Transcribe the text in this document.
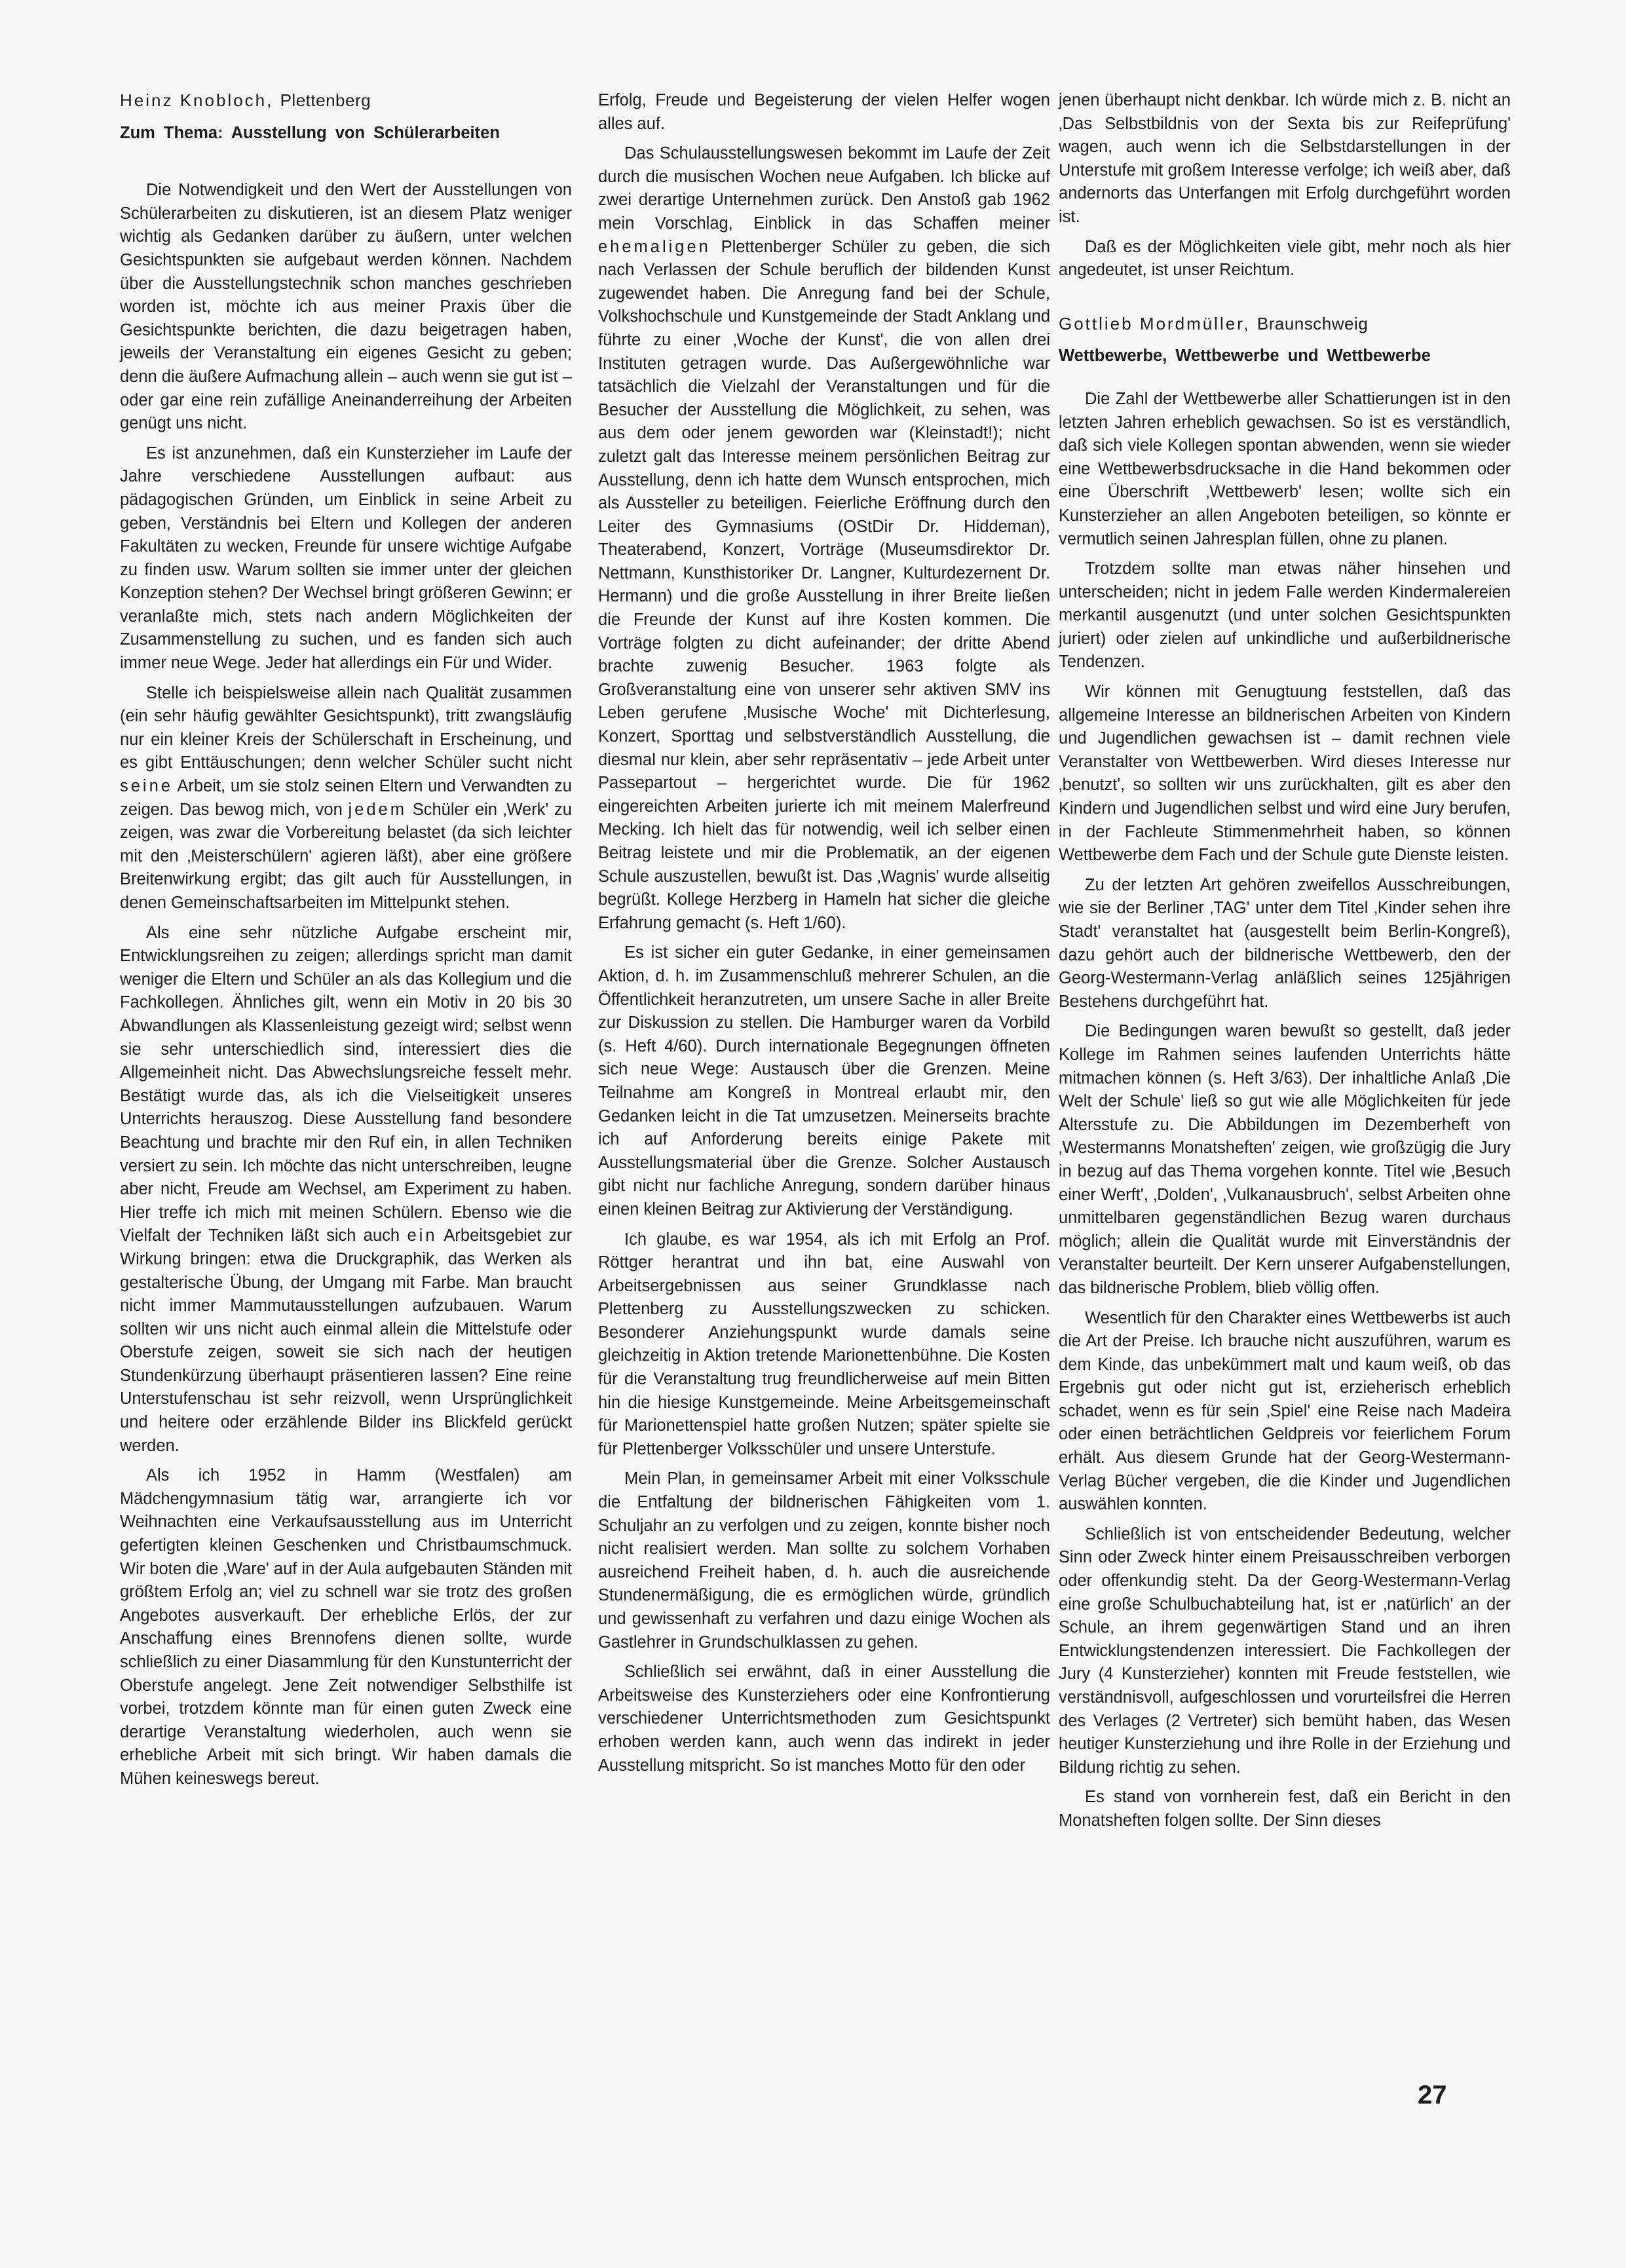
Heinz Knobloch, Plettenberg
Zum Thema: Ausstellung von Schülerarbeiten

Die Notwendigkeit und den Wert der Ausstellungen von Schülerarbeiten zu diskutieren, ist an diesem Platz weniger wichtig als Gedanken darüber zu äußern, unter welchen Gesichtspunkten sie aufgebaut werden können. Nachdem über die Ausstellungstechnik schon manches geschrieben worden ist, möchte ich aus meiner Praxis über die Gesichtspunkte berichten, die dazu beigetragen haben, jeweils der Veranstaltung ein eigenes Gesicht zu geben; denn die äußere Aufmachung allein – auch wenn sie gut ist – oder gar eine rein zufällige Aneinanderreihung der Arbeiten genügt uns nicht.

Es ist anzunehmen, daß ein Kunsterzieher im Laufe der Jahre verschiedene Ausstellungen aufbaut: aus pädagogischen Gründen, um Einblick in seine Arbeit zu geben, Verständnis bei Eltern und Kollegen der anderen Fakultäten zu wecken, Freunde für unsere wichtige Aufgabe zu finden usw. Warum sollten sie immer unter der gleichen Konzeption stehen? Der Wechsel bringt größeren Gewinn; er veranlaßte mich, stets nach andern Möglichkeiten der Zusammenstellung zu suchen, und es fanden sich auch immer neue Wege. Jeder hat allerdings ein Für und Wider.

Stelle ich beispielsweise allein nach Qualität zusammen (ein sehr häufig gewählter Gesichtspunkt), tritt zwangsläufig nur ein kleiner Kreis der Schülerschaft in Erscheinung, und es gibt Enttäuschungen; denn welcher Schüler sucht nicht seine Arbeit, um sie stolz seinen Eltern und Verwandten zu zeigen. Das bewog mich, von jedem Schüler ein ‚Werk' zu zeigen, was zwar die Vorbereitung belastet (da sich leichter mit den ‚Meisterschülern' agieren läßt), aber eine größere Breitenwirkung ergibt; das gilt auch für Ausstellungen, in denen Gemeinschaftsarbeiten im Mittelpunkt stehen.

Als eine sehr nützliche Aufgabe erscheint mir, Entwicklungsreihen zu zeigen; allerdings spricht man damit weniger die Eltern und Schüler an als das Kollegium und die Fachkollegen. Ähnliches gilt, wenn ein Motiv in 20 bis 30 Abwandlungen als Klassenleistung gezeigt wird; selbst wenn sie sehr unterschiedlich sind, interessiert dies die Allgemeinheit nicht. Das Abwechslungsreiche fesselt mehr. Bestätigt wurde das, als ich die Vielseitigkeit unseres Unterrichts herauszog. Diese Ausstellung fand besondere Beachtung und brachte mir den Ruf ein, in allen Techniken versiert zu sein. Ich möchte das nicht unterschreiben, leugne aber nicht, Freude am Wechsel, am Experiment zu haben. Hier treffe ich mich mit meinen Schülern. Ebenso wie die Vielfalt der Techniken läßt sich auch ein Arbeitsgebiet zur Wirkung bringen: etwa die Druckgraphik, das Werken als gestalterische Übung, der Umgang mit Farbe. Man braucht nicht immer Mammutausstellungen aufzubauen. Warum sollten wir uns nicht auch einmal allein die Mittelstufe oder Oberstufe zeigen, soweit sie sich nach der heutigen Stundenkürzung überhaupt präsentieren lassen? Eine reine Unterstufenschau ist sehr reizvoll, wenn Ursprünglichkeit und heitere oder erzählende Bilder ins Blickfeld gerückt werden.

Als ich 1952 in Hamm (Westfalen) am Mädchengymnasium tätig war, arrangierte ich vor Weihnachten eine Verkaufsausstellung aus im Unterricht gefertigten kleinen Geschenken und Christbaumschmuck. Wir boten die ‚Ware' auf in der Aula aufgebauten Ständen mit größtem Erfolg an; viel zu schnell war sie trotz des großen Angebotes ausverkauft. Der erhebliche Erlös, der zur Anschaffung eines Brennofens dienen sollte, wurde schließlich zu einer Diasammlung für den Kunstunterricht der Oberstufe angelegt. Jene Zeit notwendiger Selbsthilfe ist vorbei, trotzdem könnte man für einen guten Zweck eine derartige Veranstaltung wiederholen, auch wenn sie erhebliche Arbeit mit sich bringt. Wir haben damals die Mühen keineswegs bereut.

Erfolg, Freude und Begeisterung der vielen Helfer wogen alles auf.

Das Schulausstellungswesen bekommt im Laufe der Zeit durch die musischen Wochen neue Aufgaben. Ich blicke auf zwei derartige Unternehmen zurück. Den Anstoß gab 1962 mein Vorschlag, Einblick in das Schaffen meiner ehemaligen Plettenberger Schüler zu geben, die sich nach Verlassen der Schule beruflich der bildenden Kunst zugewendet haben. Die Anregung fand bei der Schule, Volkshochschule und Kunstgemeinde der Stadt Anklang und führte zu einer ‚Woche der Kunst', die von allen drei Instituten getragen wurde. Das Außergewöhnliche war tatsächlich die Vielzahl der Veranstaltungen und für die Besucher der Ausstellung die Möglichkeit, zu sehen, was aus dem oder jenem geworden war (Kleinstadt!); nicht zuletzt galt das Interesse meinem persönlichen Beitrag zur Ausstellung, denn ich hatte dem Wunsch entsprochen, mich als Aussteller zu beteiligen. Feierliche Eröffnung durch den Leiter des Gymnasiums (OStDir Dr. Hiddeman), Theaterabend, Konzert, Vorträge (Museumsdirektor Dr. Nettmann, Kunsthistoriker Dr. Langner, Kulturdezernent Dr. Hermann) und die große Ausstellung in ihrer Breite ließen die Freunde der Kunst auf ihre Kosten kommen. Die Vorträge folgten zu dicht aufeinander; der dritte Abend brachte zuwenig Besucher. 1963 folgte als Großveranstaltung eine von unserer sehr aktiven SMV ins Leben gerufene ‚Musische Woche' mit Dichterlesung, Konzert, Sporttag und selbstverständlich Ausstellung, die diesmal nur klein, aber sehr repräsentativ – jede Arbeit unter Passepartout – hergerichtet wurde. Die für 1962 eingereichten Arbeiten jurierte ich mit meinem Malerfreund Mecking. Ich hielt das für notwendig, weil ich selber einen Beitrag leistete und mir die Problematik, an der eigenen Schule auszustellen, bewußt ist. Das ‚Wagnis' wurde allseitig begrüßt. Kollege Herzberg in Hameln hat sicher die gleiche Erfahrung gemacht (s. Heft 1/60).

Es ist sicher ein guter Gedanke, in einer gemeinsamen Aktion, d. h. im Zusammenschluß mehrerer Schulen, an die Öffentlichkeit heranzutreten, um unsere Sache in aller Breite zur Diskussion zu stellen. Die Hamburger waren da Vorbild (s. Heft 4/60). Durch internationale Begegnungen öffneten sich neue Wege: Austausch über die Grenzen. Meine Teilnahme am Kongreß in Montreal erlaubt mir, den Gedanken leicht in die Tat umzusetzen. Meinerseits brachte ich auf Anforderung bereits einige Pakete mit Ausstellungsmaterial über die Grenze. Solcher Austausch gibt nicht nur fachliche Anregung, sondern darüber hinaus einen kleinen Beitrag zur Aktivierung der Verständigung.

Ich glaube, es war 1954, als ich mit Erfolg an Prof. Röttger herantrat und ihn bat, eine Auswahl von Arbeitsergebnissen aus seiner Grundklasse nach Plettenberg zu Ausstellungszwecken zu schicken. Besonderer Anziehungspunkt wurde damals seine gleichzeitig in Aktion tretende Marionettenbühne. Die Kosten für die Veranstaltung trug freundlicherweise auf mein Bitten hin die hiesige Kunstgemeinde. Meine Arbeitsgemeinschaft für Marionettenspiel hatte großen Nutzen; später spielte sie für Plettenberger Volksschüler und unsere Unterstufe.

Mein Plan, in gemeinsamer Arbeit mit einer Volksschule die Entfaltung der bildnerischen Fähigkeiten vom 1. Schuljahr an zu verfolgen und zu zeigen, konnte bisher noch nicht realisiert werden. Man sollte zu solchem Vorhaben ausreichend Freiheit haben, d. h. auch die ausreichende Stundenermäßigung, die es ermöglichen würde, gründlich und gewissenhaft zu verfahren und dazu einige Wochen als Gastlehrer in Grundschulklassen zu gehen.

Schließlich sei erwähnt, daß in einer Ausstellung die Arbeitsweise des Kunsterziehers oder eine Konfrontierung verschiedener Unterrichtsmethoden zum Gesichtspunkt erhoben werden kann, auch wenn das indirekt in jeder Ausstellung mitspricht. So ist manches Motto für den oder

jenen überhaupt nicht denkbar. Ich würde mich z. B. nicht an ‚Das Selbstbildnis von der Sexta bis zur Reifeprüfung' wagen, auch wenn ich die Selbstdarstellungen in der Unterstufe mit großem Interesse verfolge; ich weiß aber, daß andernorts das Unterfangen mit Erfolg durchgeführt worden ist.

Daß es der Möglichkeiten viele gibt, mehr noch als hier angedeutet, ist unser Reichtum.

Gottlieb Mordmüller, Braunschweig
Wettbewerbe, Wettbewerbe und Wettbewerbe

Die Zahl der Wettbewerbe aller Schattierungen ist in den letzten Jahren erheblich gewachsen. So ist es verständlich, daß sich viele Kollegen spontan abwenden, wenn sie wieder eine Wettbewerbsdrucksache in die Hand bekommen oder eine Überschrift ‚Wettbewerb' lesen; wollte sich ein Kunsterzieher an allen Angeboten beteiligen, so könnte er vermutlich seinen Jahresplan füllen, ohne zu planen.

Trotzdem sollte man etwas näher hinsehen und unterscheiden; nicht in jedem Falle werden Kindermalereien merkantil ausgenutzt (und unter solchen Gesichtspunkten juriert) oder zielen auf unkindliche und außerbildnerische Tendenzen.

Wir können mit Genugtuung feststellen, daß das allgemeine Interesse an bildnerischen Arbeiten von Kindern und Jugendlichen gewachsen ist – damit rechnen viele Veranstalter von Wettbewerben. Wird dieses Interesse nur ‚benutzt', so sollten wir uns zurückhalten, gilt es aber den Kindern und Jugendlichen selbst und wird eine Jury berufen, in der Fachleute Stimmenmehrheit haben, so können Wettbewerbe dem Fach und der Schule gute Dienste leisten.

Zu der letzten Art gehören zweifellos Ausschreibungen, wie sie der Berliner ‚TAG' unter dem Titel ‚Kinder sehen ihre Stadt' veranstaltet hat (ausgestellt beim Berlin-Kongreß), dazu gehört auch der bildnerische Wettbewerb, den der Georg-Westermann-Verlag anläßlich seines 125jährigen Bestehens durchgeführt hat.

Die Bedingungen waren bewußt so gestellt, daß jeder Kollege im Rahmen seines laufenden Unterrichts hätte mitmachen können (s. Heft 3/63). Der inhaltliche Anlaß ‚Die Welt der Schule' ließ so gut wie alle Möglichkeiten für jede Altersstufe zu. Die Abbildungen im Dezemberheft von ‚Westermanns Monatsheften' zeigen, wie großzügig die Jury in bezug auf das Thema vorgehen konnte. Titel wie ‚Besuch einer Werft', ‚Dolden', ‚Vulkanausbruch', selbst Arbeiten ohne unmittelbaren gegenständlichen Bezug waren durchaus möglich; allein die Qualität wurde mit Einverständnis der Veranstalter beurteilt. Der Kern unserer Aufgabenstellungen, das bildnerische Problem, blieb völlig offen.

Wesentlich für den Charakter eines Wettbewerbs ist auch die Art der Preise. Ich brauche nicht auszuführen, warum es dem Kinde, das unbekümmert malt und kaum weiß, ob das Ergebnis gut oder nicht gut ist, erzieherisch erheblich schadet, wenn es für sein ‚Spiel' eine Reise nach Madeira oder einen beträchtlichen Geldpreis vor feierlichem Forum erhält. Aus diesem Grunde hat der Georg-Westermann-Verlag Bücher vergeben, die die Kinder und Jugendlichen auswählen konnten.

Schließlich ist von entscheidender Bedeutung, welcher Sinn oder Zweck hinter einem Preisausschreiben verborgen oder offenkundig steht. Da der Georg-Westermann-Verlag eine große Schulbuchabteilung hat, ist er ‚natürlich' an der Schule, an ihrem gegenwärtigen Stand und an ihren Entwicklungstendenzen interessiert. Die Fachkollegen der Jury (4 Kunsterzieher) konnten mit Freude feststellen, wie verständnisvoll, aufgeschlossen und vorurteilsfrei die Herren des Verlages (2 Vertreter) sich bemüht haben, das Wesen heutiger Kunsterziehung und ihre Rolle in der Erziehung und Bildung richtig zu sehen.

Es stand von vornherein fest, daß ein Bericht in den Monatsheften folgen sollte. Der Sinn dieses

27
